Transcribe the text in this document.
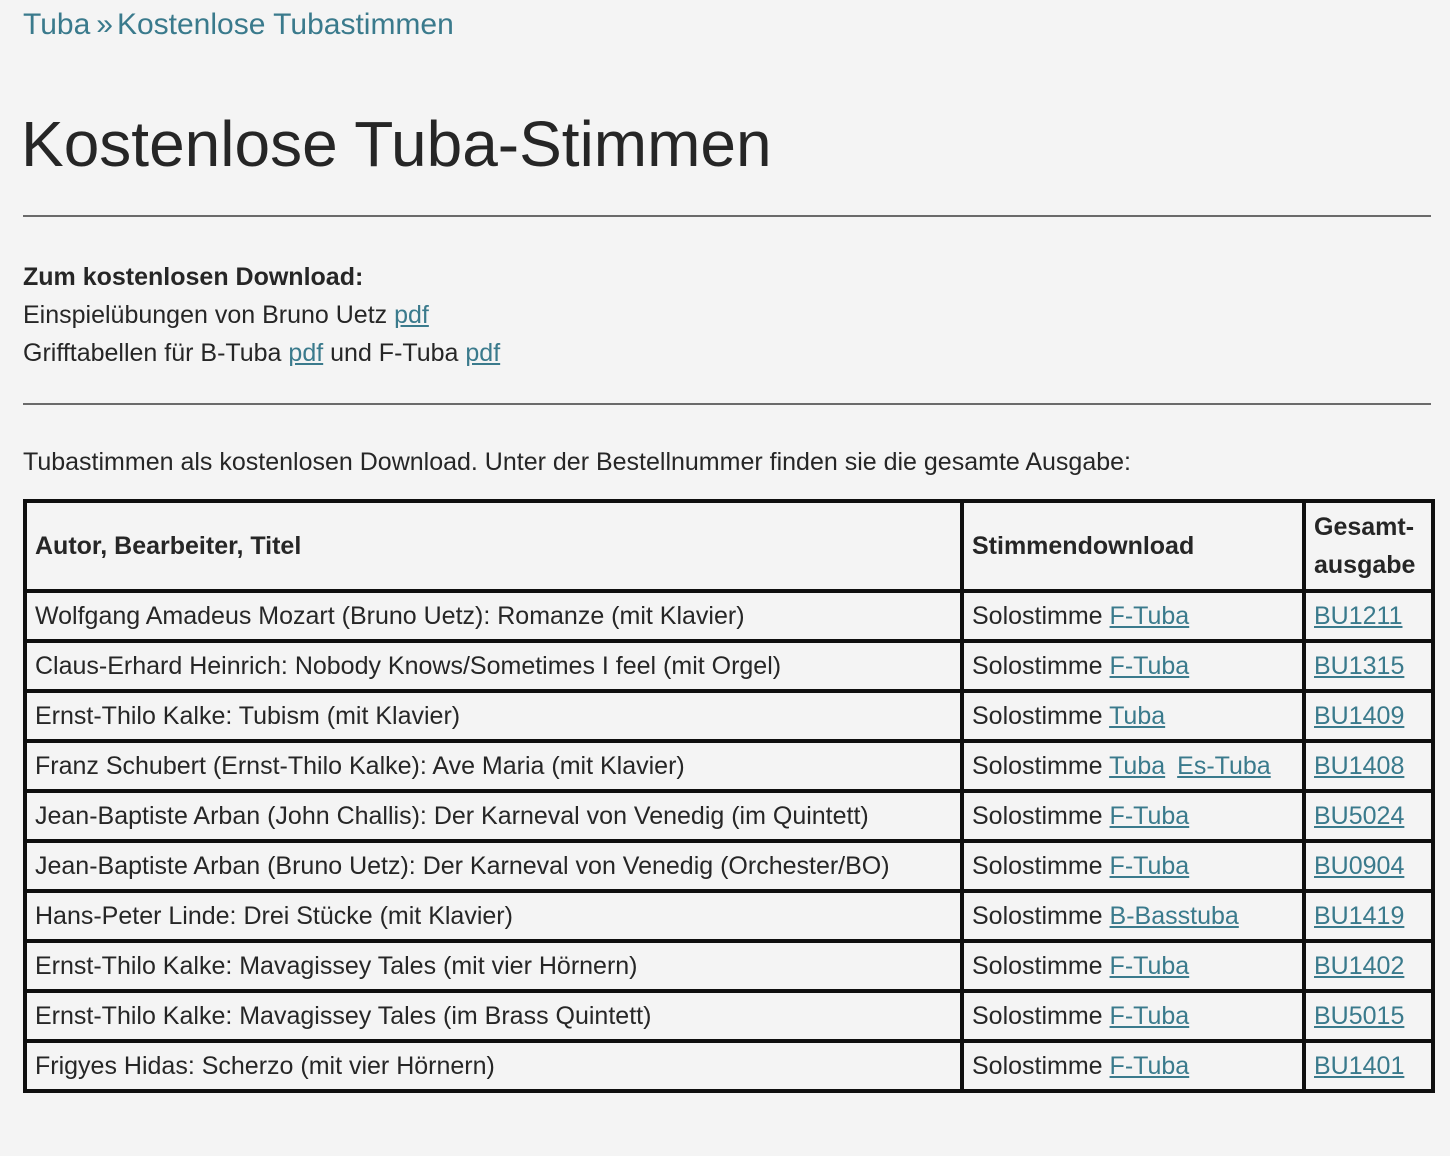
Tuba » Kostenlose Tubastimmen
Kostenlose Tuba-Stimmen
Zum kostenlosen Download:
Einspielübungen von Bruno Uetz pdf
Grifftabellen für B-Tuba pdf und F-Tuba pdf
Tubastimmen als kostenlosen Download. Unter der Bestellnummer finden sie die gesamte Ausgabe:
Autor, Bearbeiter, Titel	Stimmendownload	Gesamt-
ausgabe
Wolfgang Amadeus Mozart (Bruno Uetz): Romanze (mit Klavier)	Solostimme F-Tuba	BU1211
Claus-Erhard Heinrich: Nobody Knows/Sometimes I feel (mit Orgel)	Solostimme F-Tuba	BU1315
Ernst-Thilo Kalke: Tubism (mit Klavier)	Solostimme Tuba	BU1409
Franz Schubert (Ernst-Thilo Kalke): Ave Maria (mit Klavier)	Solostimme Tuba Es-Tuba	BU1408
Jean-Baptiste Arban (John Challis): Der Karneval von Venedig (im Quintett)	Solostimme F-Tuba	BU5024
Jean-Baptiste Arban (Bruno Uetz): Der Karneval von Venedig (Orchester/BO)	Solostimme F-Tuba	BU0904
Hans-Peter Linde: Drei Stücke (mit Klavier)	Solostimme B-Basstuba	BU1419
Ernst-Thilo Kalke: Mavagissey Tales (mit vier Hörnern)	Solostimme F-Tuba	BU1402
Ernst-Thilo Kalke: Mavagissey Tales (im Brass Quintett)	Solostimme F-Tuba	BU5015
Frigyes Hidas: Scherzo (mit vier Hörnern)	Solostimme F-Tuba	BU1401
